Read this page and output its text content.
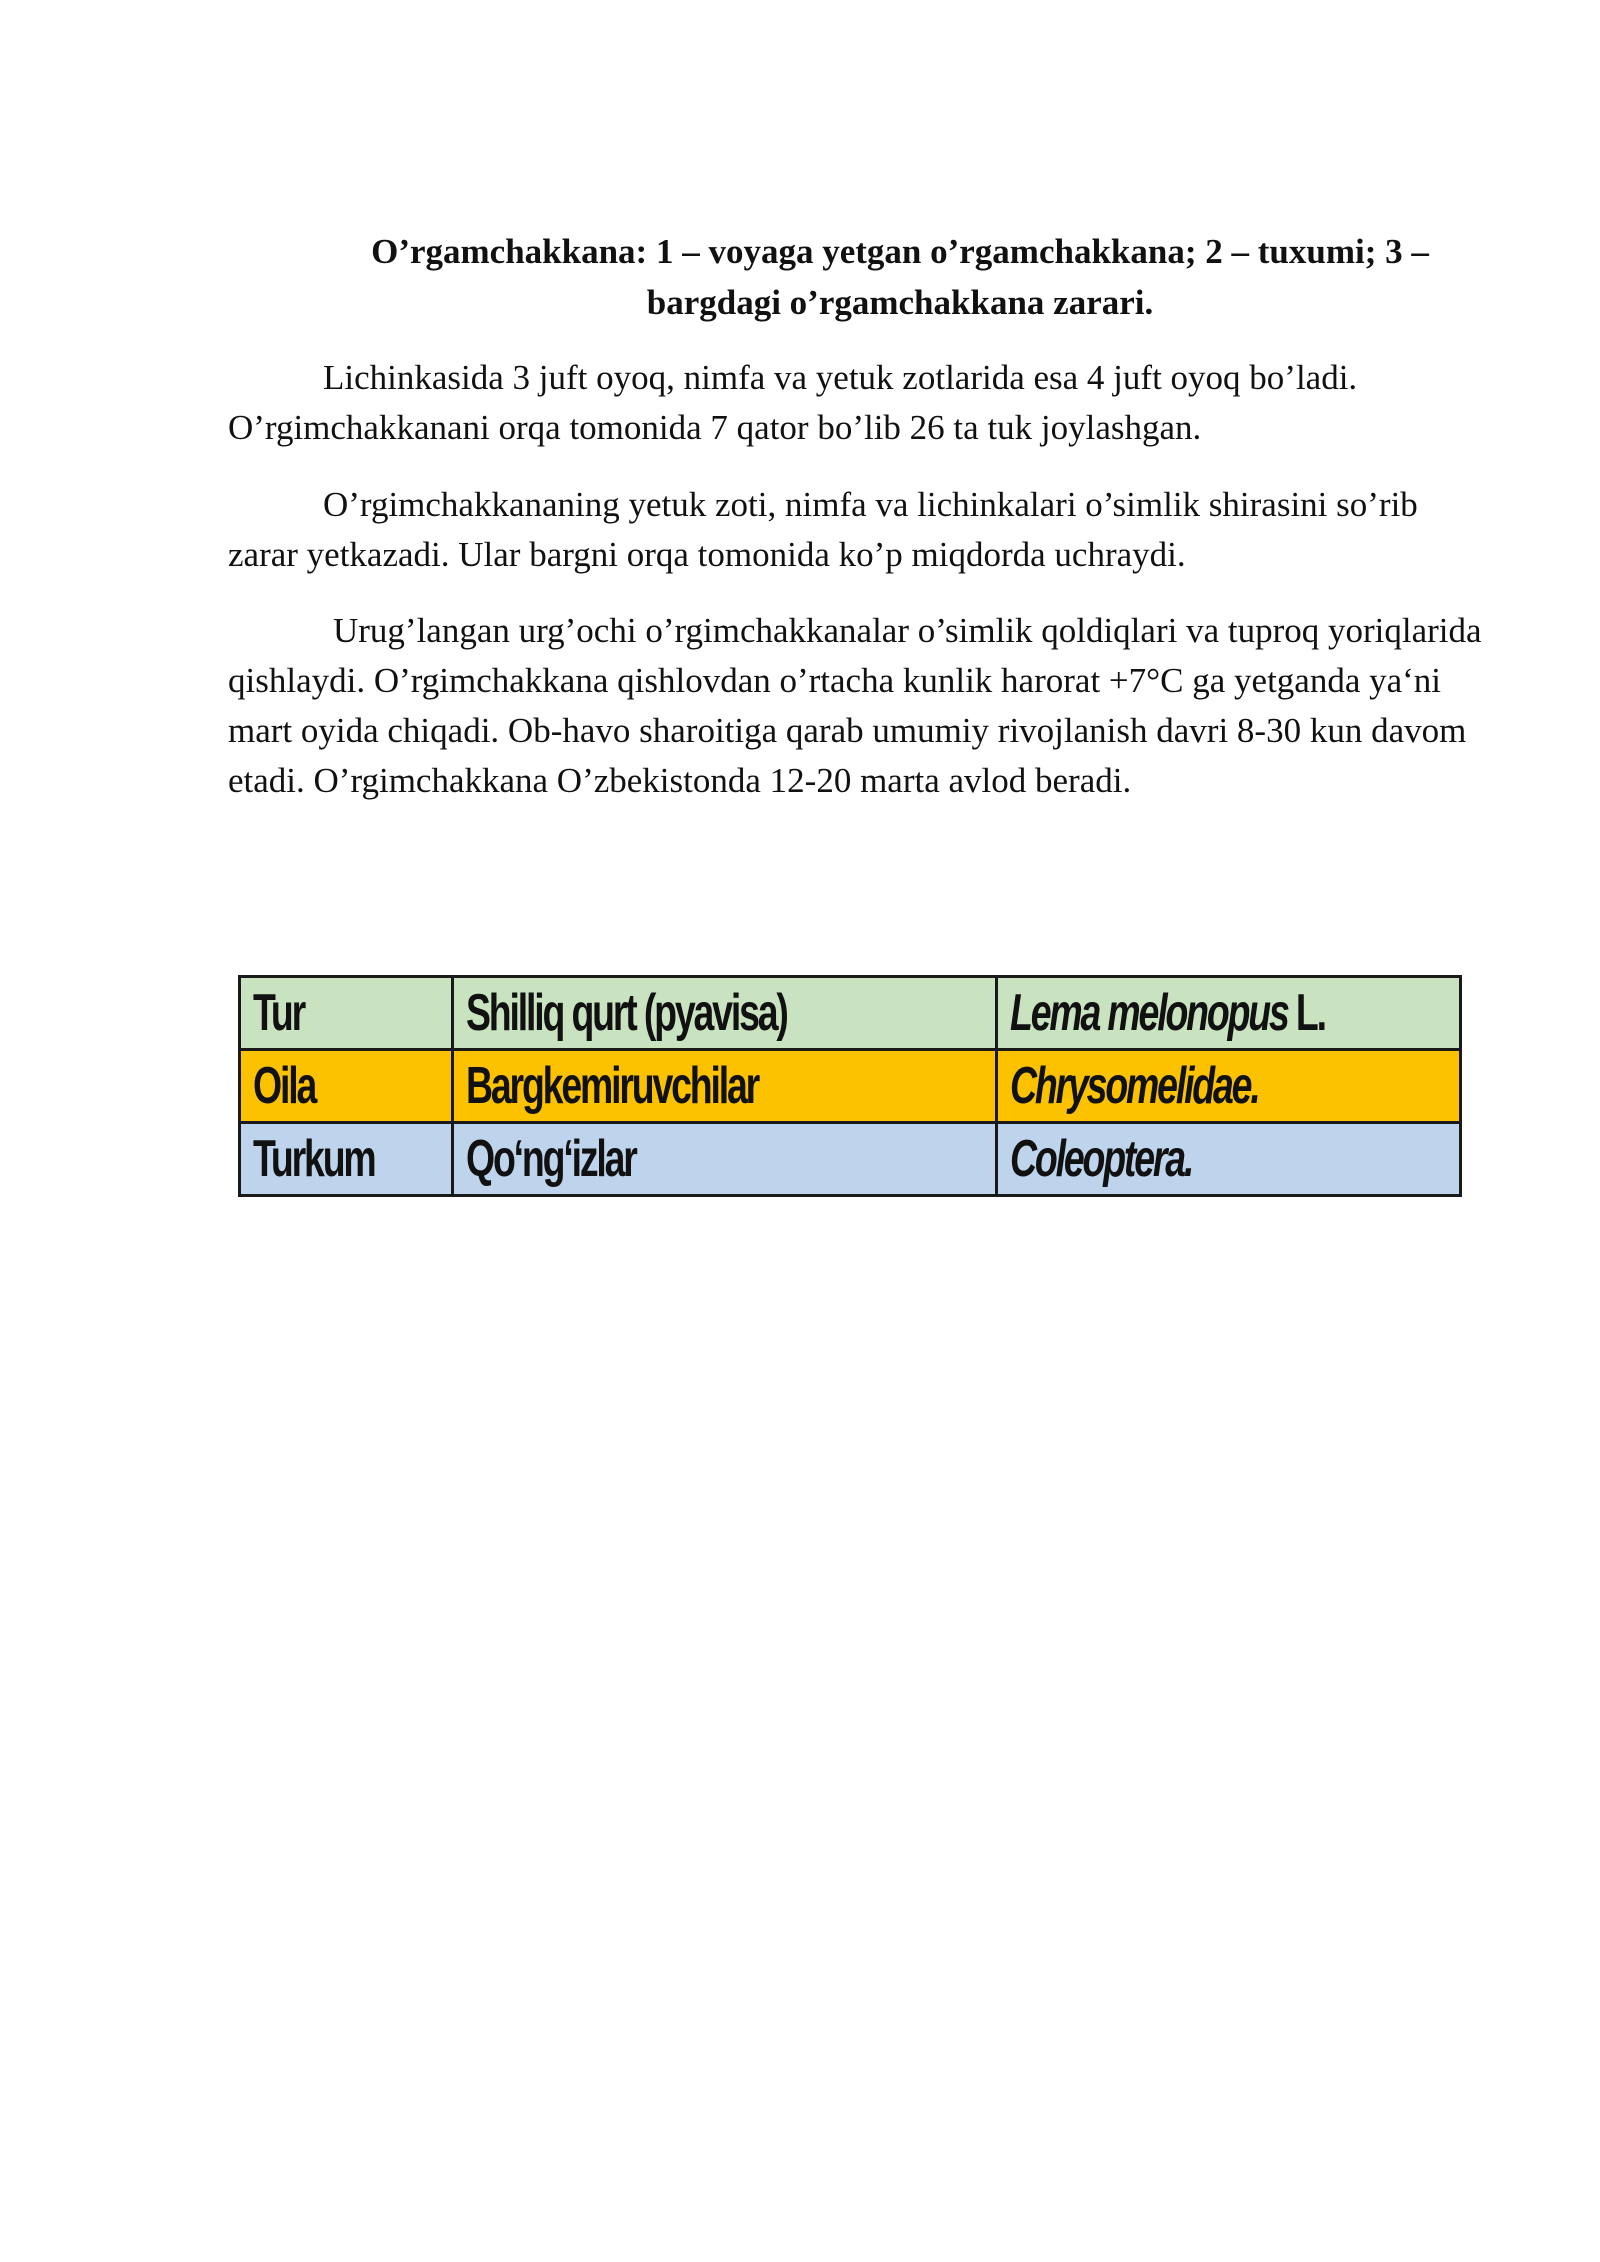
O’rgamchakkana: 1 – voyaga yetgan o’rgamchakkana; 2 – tuxumi; 3 –
bargdagi o’rgamchakkana zarari.

Lichinkasida 3 juft oyoq, nimfa va yetuk zotlarida esa 4 juft oyoq bo’ladi. O’rgimchakkanani orqa tomonida 7 qator bo’lib 26 ta tuk joylashgan.

O’rgimchakkananing yetuk zoti, nimfa va lichinkalari o’simlik shirasini so’rib zarar yetkazadi. Ular bargni orqa tomonida ko’p miqdorda uchraydi.

Urug’langan urg’ochi o’rgimchakkanalar o’simlik qoldiqlari va tuproq yoriqlarida qishlaydi. O’rgimchakkana qishlovdan o’rtacha kunlik harorat +7°C ga yetganda ya‘ni mart oyida chiqadi. Ob-havo sharoitiga qarab umumiy rivojlanish davri 8-30 kun davom etadi. O’rgimchakkana O’zbekistonda 12-20 marta avlod beradi.

Tur	Shilliq qurt (pyavisa)	Lema melonopus L.
Oila	Bargkemiruvchilar	Chrysomelidae.
Turkum	Qo‘ng‘izlar	Coleoptera.
